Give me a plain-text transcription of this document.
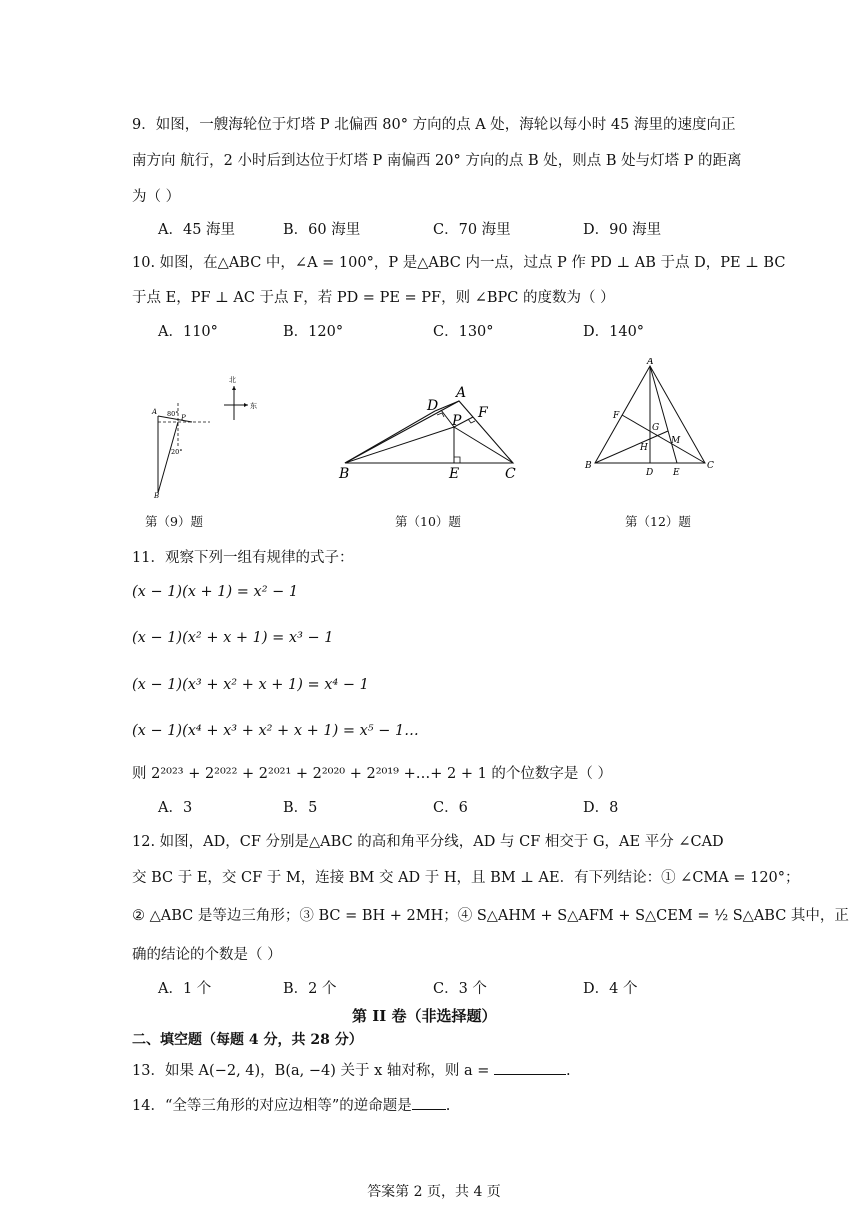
9．如图，一艘海轮位于灯塔 P 北偏西 80° 方向的点 A 处，海轮以每小时 45 海里的速度向正
南方向 航行，2 小时后到达位于灯塔 P 南偏西 20° 方向的点 B 处，则点 B 处与灯塔 P 的距离
为（ ）
A．45 海里	B．60 海里	C．70 海里	D．90 海里
10. 如图，在△ABC 中，∠A = 100°，P 是△ABC 内一点，过点 P 作 PD ⊥ AB 于点 D，PE ⊥ BC
于点 E，PF ⊥ AC 于点 F，若 PD = PE = PF，则 ∠BPC 的度数为（ ）
A．110°	B．120°	C．130°	D．140°
A
P
B
80°
20°
北
东
第（9）题
A
B	C
D
E
F
P
第（10）题
A
B	C
D E
F
G
H
M
第（12）题
11．观察下列一组有规律的式子：
(x − 1)(x + 1) = x² − 1
(x − 1)(x² + x + 1) = x³ − 1
(x − 1)(x³ + x² + x + 1) = x⁴ − 1
(x − 1)(x⁴ + x³ + x² + x + 1) = x⁵ − 1…
则 2²⁰²³ + 2²⁰²² + 2²⁰²¹ + 2²⁰²⁰ + 2²⁰¹⁹ +…+ 2 + 1 的个位数字是（ ）
A．3	B．5	C．6	D．8
12. 如图，AD，CF 分别是△ABC 的高和角平分线，AD 与 CF 相交于 G，AE 平分 ∠CAD
交 BC 于 E，交 CF 于 M，连接 BM 交 AD 于 H，且 BM ⊥ AE．有下列结论：① ∠CMA = 120°；
② △ABC 是等边三角形；③ BC = BH + 2MH；④ S△AHM + S△AFM + S△CEM = ½ S△ABC 其中，正
确的结论的个数是（ ）
A．1 个	B．2 个	C．3 个	D．4 个
第 II 卷（非选择题）
二、填空题（每题 4 分，共 28 分）
13．如果 A(−2, 4)，B(a, −4) 关于 x 轴对称，则 a =	.
14．“全等三角形的对应边相等”的逆命题是 .
答案第 2 页，共 4 页
